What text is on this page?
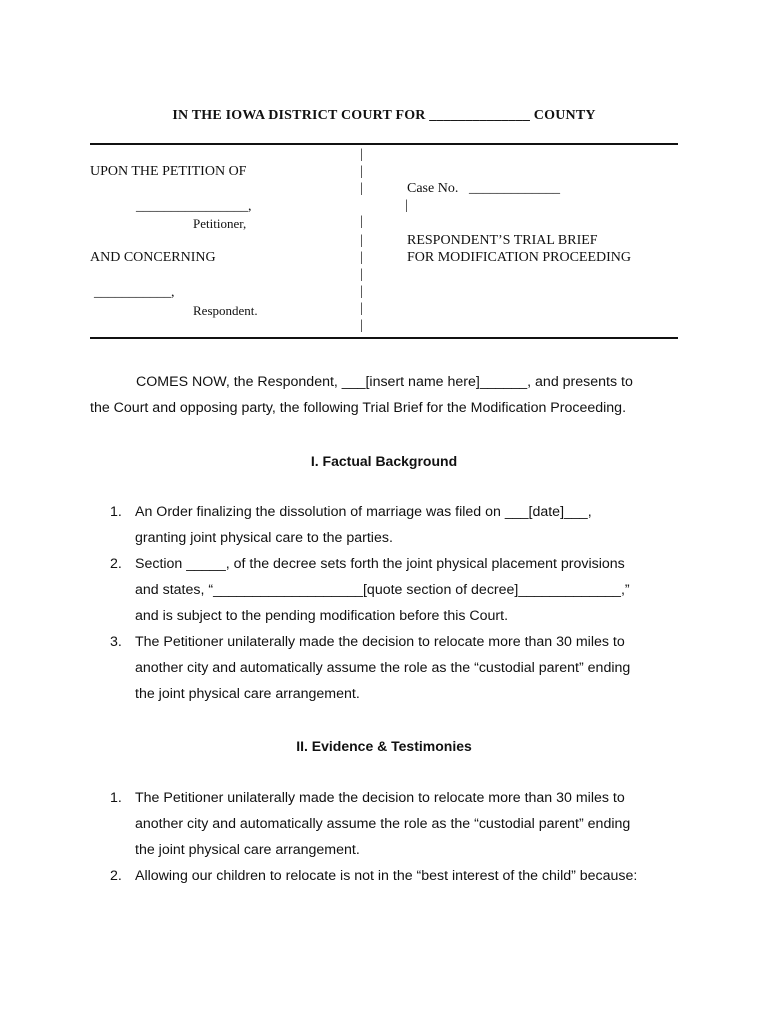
IN THE IOWA DISTRICT COURT FOR ______________ COUNTY
UPON THE PETITION OF
________________,
Petitioner,
AND CONCERNING
___________,
Respondent.
|
|
|
|
|
|
|
|
|
|
Case No. _____________
|
RESPONDENT’S TRIAL BRIEF
FOR MODIFICATION PROCEEDING
COMES NOW, the Respondent, ___[insert name here]______, and presents to
the Court and opposing party, the following Trial Brief for the Modification Proceeding.
I. Factual Background
1. An Order finalizing the dissolution of marriage was filed on ___[date]___,
granting joint physical care to the parties.
2. Section _____, of the decree sets forth the joint physical placement provisions
and states, “___________________[quote section of decree]_____________,”
and is subject to the pending modification before this Court.
3. The Petitioner unilaterally made the decision to relocate more than 30 miles to
another city and automatically assume the role as the “custodial parent” ending
the joint physical care arrangement.
II. Evidence & Testimonies
1. The Petitioner unilaterally made the decision to relocate more than 30 miles to
another city and automatically assume the role as the “custodial parent” ending
the joint physical care arrangement.
2. Allowing our children to relocate is not in the “best interest of the child” because:
